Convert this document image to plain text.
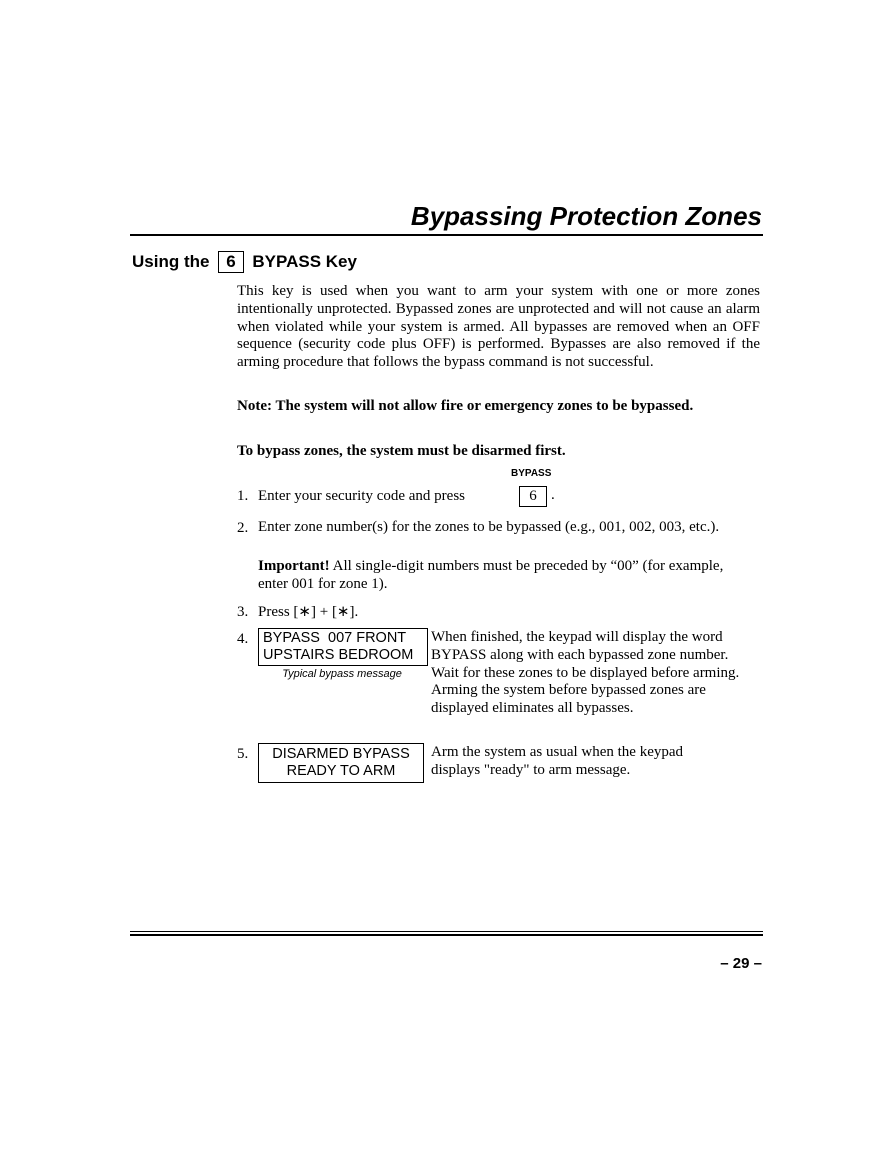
Bypassing Protection Zones
Using the 6 BYPASS Key

This key is used when you want to arm your system with one or more zones intentionally unprotected. Bypassed zones are unprotected and will not cause an alarm when violated while your system is armed. All bypasses are removed when an OFF sequence (security code plus OFF) is performed. Bypasses are also removed if the arming procedure that follows the bypass command is not successful.

Note: The system will not allow fire or emergency zones to be bypassed.

To bypass zones, the system must be disarmed first.

BYPASS
1. Enter your security code and press	6 .
2. Enter zone number(s) for the zones to be bypassed (e.g., 001, 002, 003, etc.).

Important! All single-digit numbers must be preceded by “00” (for example, enter 001 for zone 1).

3. Press [∗] + [∗].
4. BYPASS  007 FRONT
UPSTAIRS BEDROOM
Typical bypass message

When finished, the keypad will display the word BYPASS along with each bypassed zone number. Wait for these zones to be displayed before arming. Arming the system before bypassed zones are displayed eliminates all bypasses.

5.	DISARMED BYPASS
READY TO ARM

Arm the system as usual when the keypad displays "ready" to arm message.

– 29 –
